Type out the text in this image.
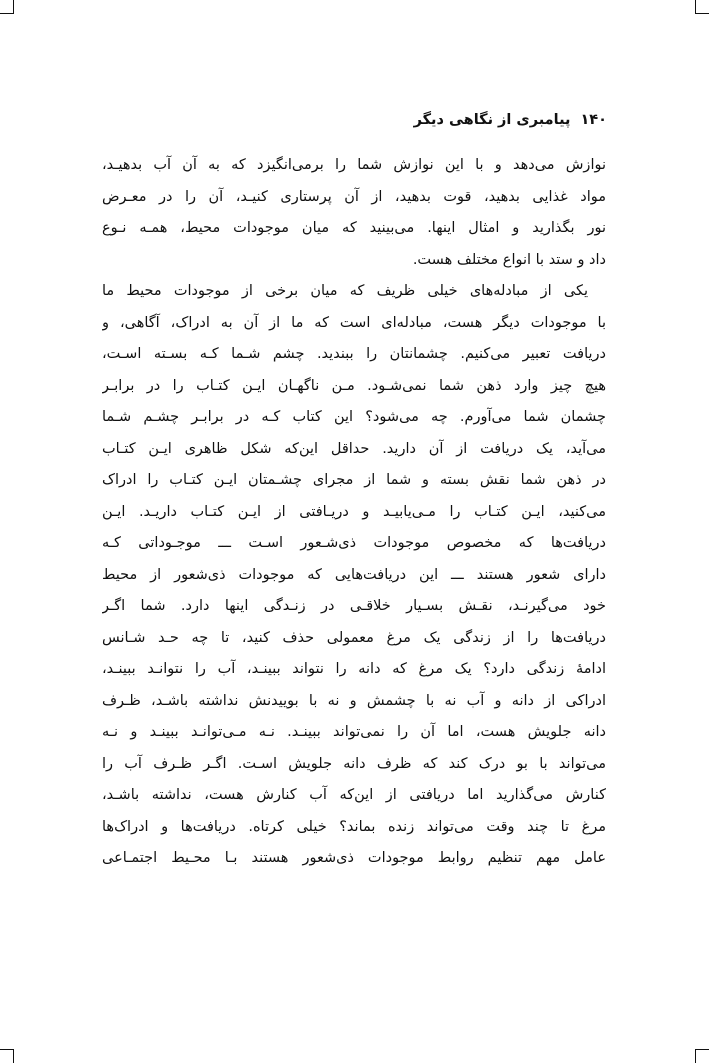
۱۴۰پیامبری از نگاهی دیگر
نوازش می‌دهد و با این نوازش شما را برمی‌انگیزد که به آن آب بدهیـد،
مواد غذایی بدهید، قوت بدهید، از آن پرستاری کنیـد، آن را در معـرض
نور بگذارید و امثال اینها. می‌بینید که میان موجودات محیط، همـه نـوع
داد و ستد با انواع مختلف هست.
یکی از مبادله‌های خیلی ظریف که میان برخی از موجودات محیط ما
با موجودات دیگر هست، مبادله‌ای است که ما از آن به ادراک، آگاهی، و
دریافت تعبیر می‌کنیم. چشمانتان را ببندید. چشم شـما کـه بسـته اسـت،
هیچ چیز وارد ذهن شما نمی‌شـود. مـن ناگهـان ایـن کتـاب را در برابـر
چشمان شما می‌آورم. چه می‌شود؟ این کتاب کـه در برابـر چشـم شـما
می‌آید، یک دریافت از آن دارید. حداقل این‌که شکل ظاهری ایـن کتـاب
در ذهن شما نقش بسته و شما از مجرای چشـمتان ایـن کتـاب را ادراک
می‌کنید، ایـن کتـاب را مـی‌یابیـد و دریـافتی از ایـن کتـاب داریـد. ایـن
دریافت‌ها که مخصوص موجودات ذی‌شـعور اسـت ـــ موجـوداتی کـه
دارای شعور هستند ـــ این دریافت‌هایی که موجودات ذی‌شعور از محیط
خود می‌گیرنـد، نقـش بسـیار خلاقـی در زنـدگی اینها دارد. شما اگـر
دریافت‌ها را از زندگی یک مرغ معمولی حذف کنید، تا چه حـد شـانس
ادامهٔ زندگی دارد؟ یک مرغ که دانه را نتواند ببینـد، آب را نتوانـد ببینـد،
ادراکی از دانه و آب نه با چشمش و نه با بوییدنش نداشته باشـد، ظـرف
دانه جلویش هست، اما آن را نمی‌تواند ببینـد. نـه مـی‌توانـد ببینـد و نـه
می‌تواند با بو درک کند که ظرف دانه جلویش اسـت. اگـر ظـرف آب را
کنارش می‌گذارید اما دریافتی از این‌که آب کنارش هست، نداشته باشـد،
مرغ تا چند وقت می‌تواند زنده بماند؟ خیلی کرتاه. دریافت‌ها و ادراک‌ها
عامل مهم تنظیم روابط موجودات ذی‌شعور هستند بـا محـیط اجتمـاعی
